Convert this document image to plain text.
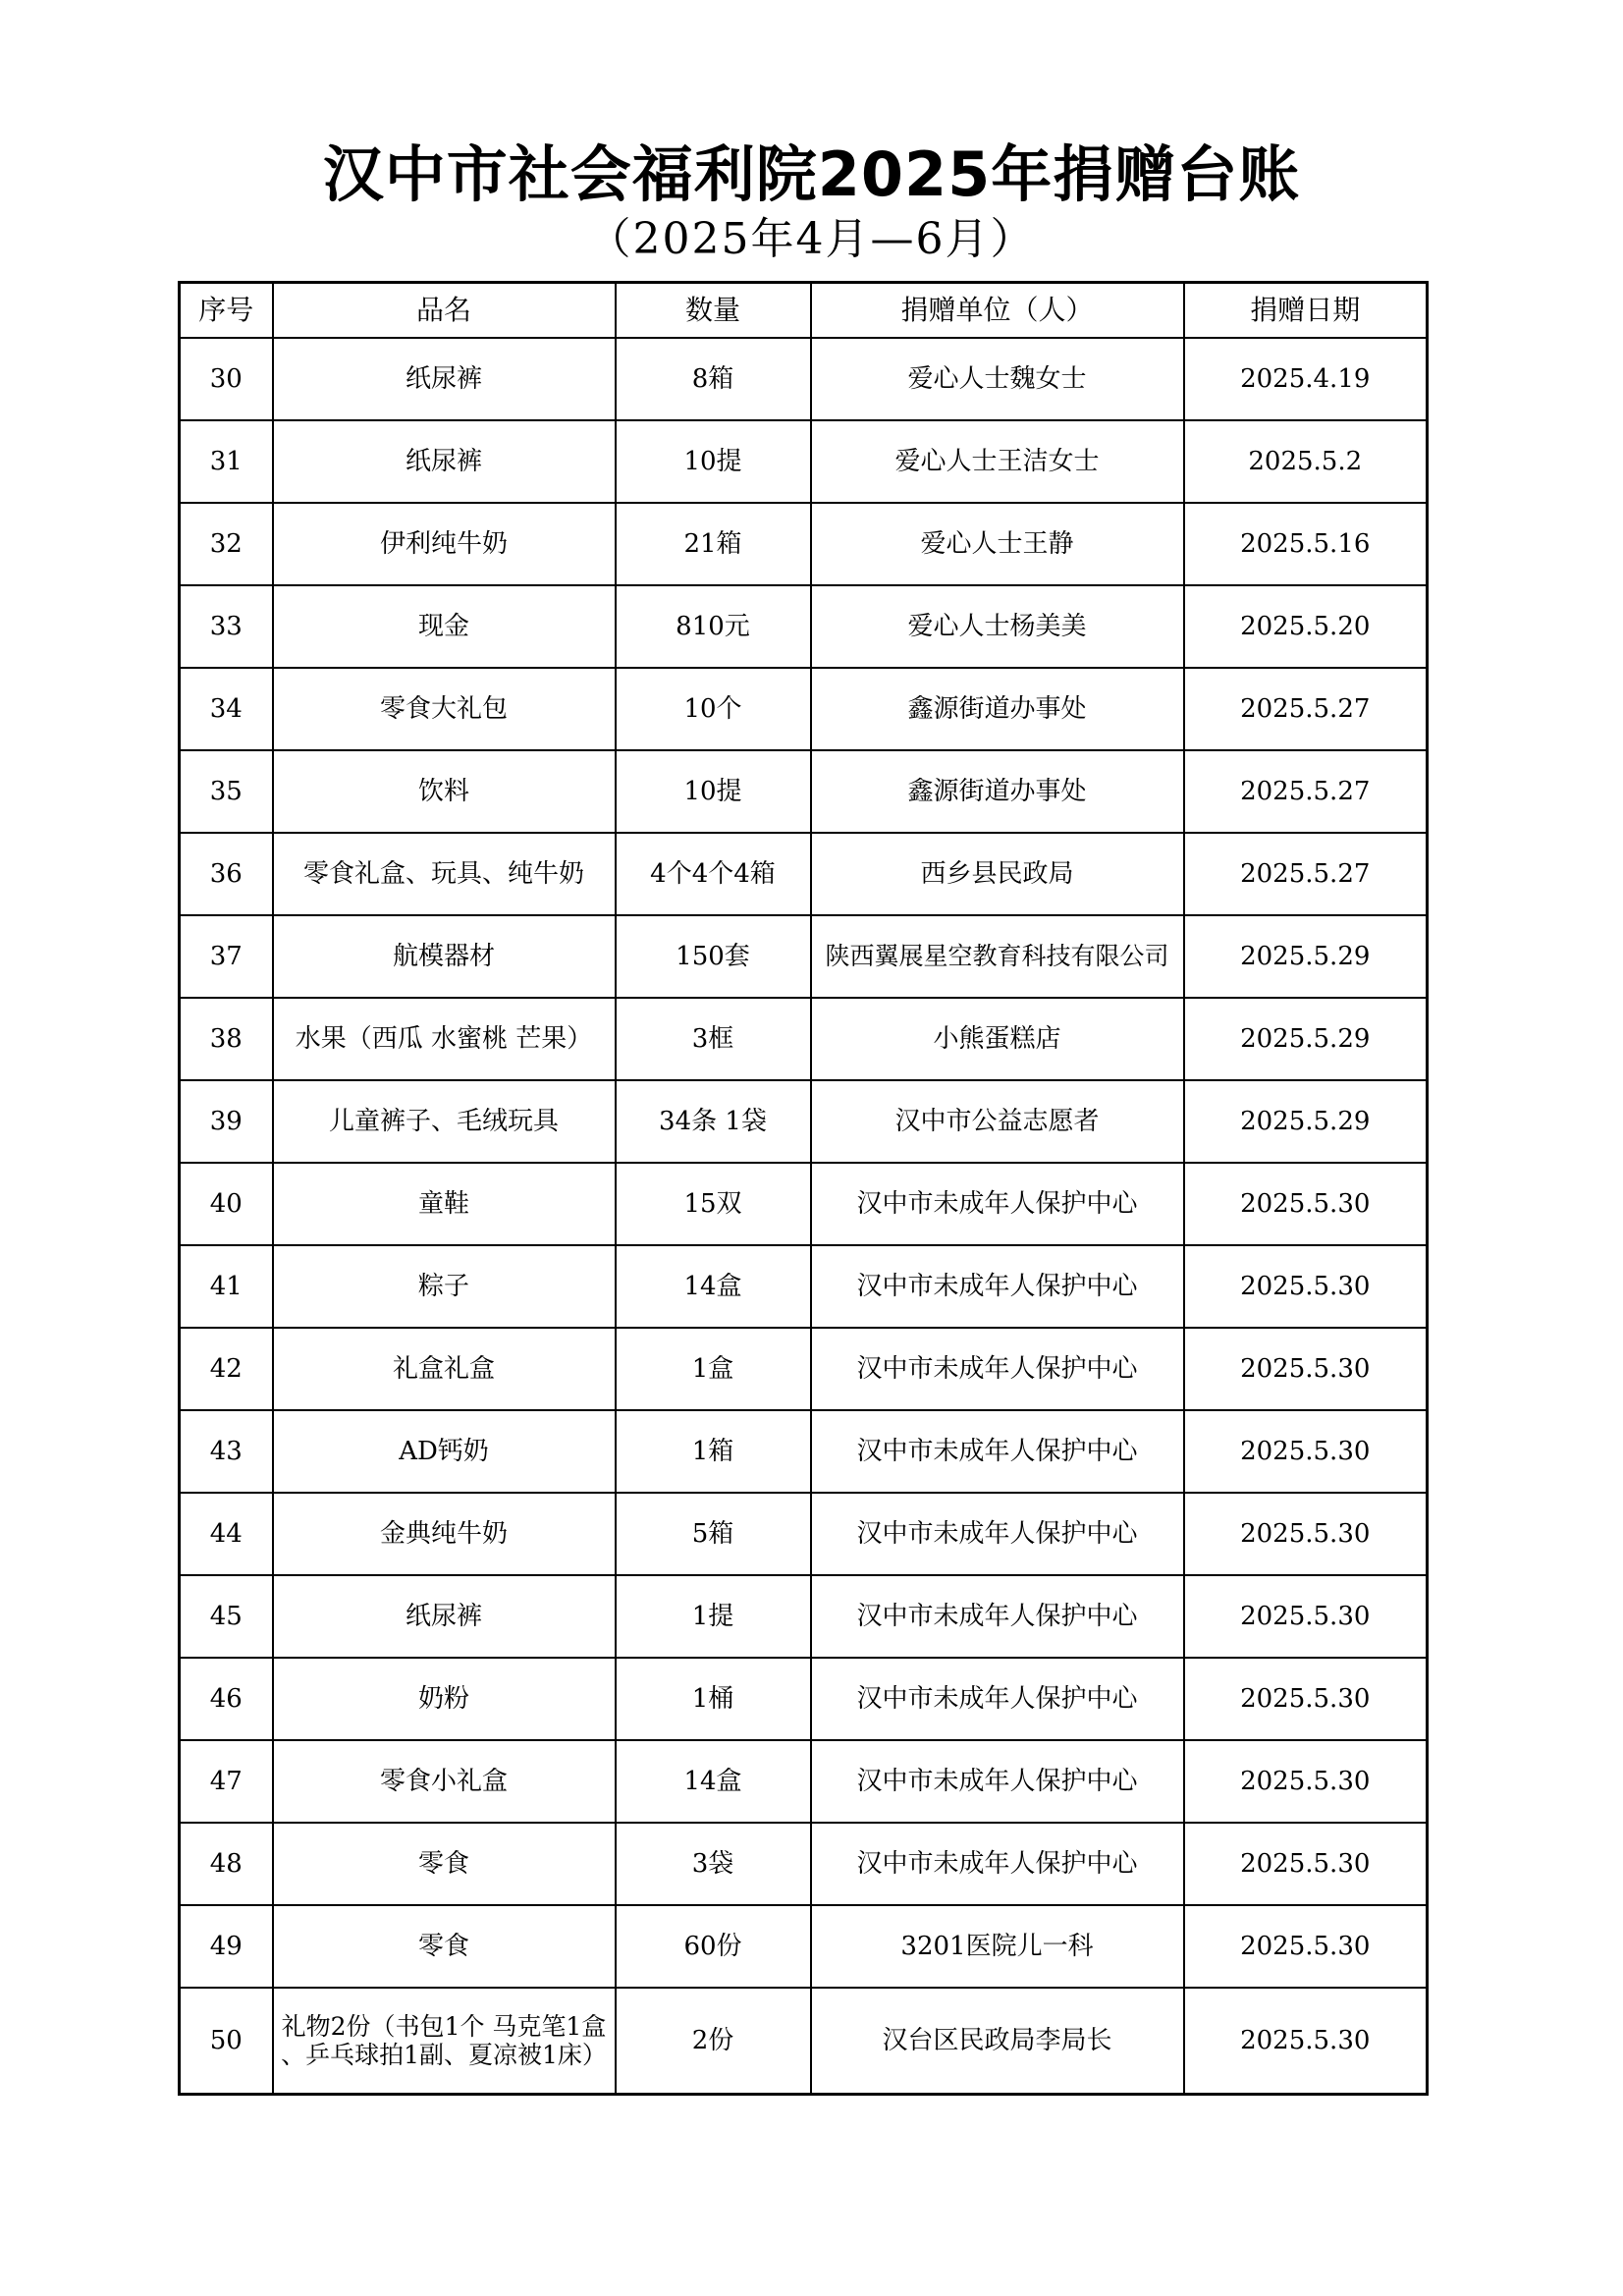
汉中市社会福利院2025年捐赠台账
（2025年4月—6月）
序号	品名	数量	捐赠单位（人）	捐赠日期
30	纸尿裤	8箱	爱心人士魏女士	2025.4.19
31	纸尿裤	10提	爱心人士王洁女士	2025.5.2
32	伊利纯牛奶	21箱	爱心人士王静	2025.5.16
33	现金	810元	爱心人士杨美美	2025.5.20
34	零食大礼包	10个	鑫源街道办事处	2025.5.27
35	饮料	10提	鑫源街道办事处	2025.5.27
36	零食礼盒、玩具、纯牛奶	4个4个4箱	西乡县民政局	2025.5.27
37	航模器材	150套	陕西翼展星空教育科技有限公司	2025.5.29
38	水果（西瓜 水蜜桃 芒果）	3框	小熊蛋糕店	2025.5.29
39	儿童裤子、毛绒玩具	34条 1袋	汉中市公益志愿者	2025.5.29
40	童鞋	15双	汉中市未成年人保护中心	2025.5.30
41	粽子	14盒	汉中市未成年人保护中心	2025.5.30
42	礼盒礼盒	1盒	汉中市未成年人保护中心	2025.5.30
43	AD钙奶	1箱	汉中市未成年人保护中心	2025.5.30
44	金典纯牛奶	5箱	汉中市未成年人保护中心	2025.5.30
45	纸尿裤	1提	汉中市未成年人保护中心	2025.5.30
46	奶粉	1桶	汉中市未成年人保护中心	2025.5.30
47	零食小礼盒	14盒	汉中市未成年人保护中心	2025.5.30
48	零食	3袋	汉中市未成年人保护中心	2025.5.30
49	零食	60份	3201医院儿一科	2025.5.30
50	礼物2份（书包1个 马克笔1盒 、乒乓球拍1副、夏凉被1床）	2份	汉台区民政局李局长	2025.5.30
